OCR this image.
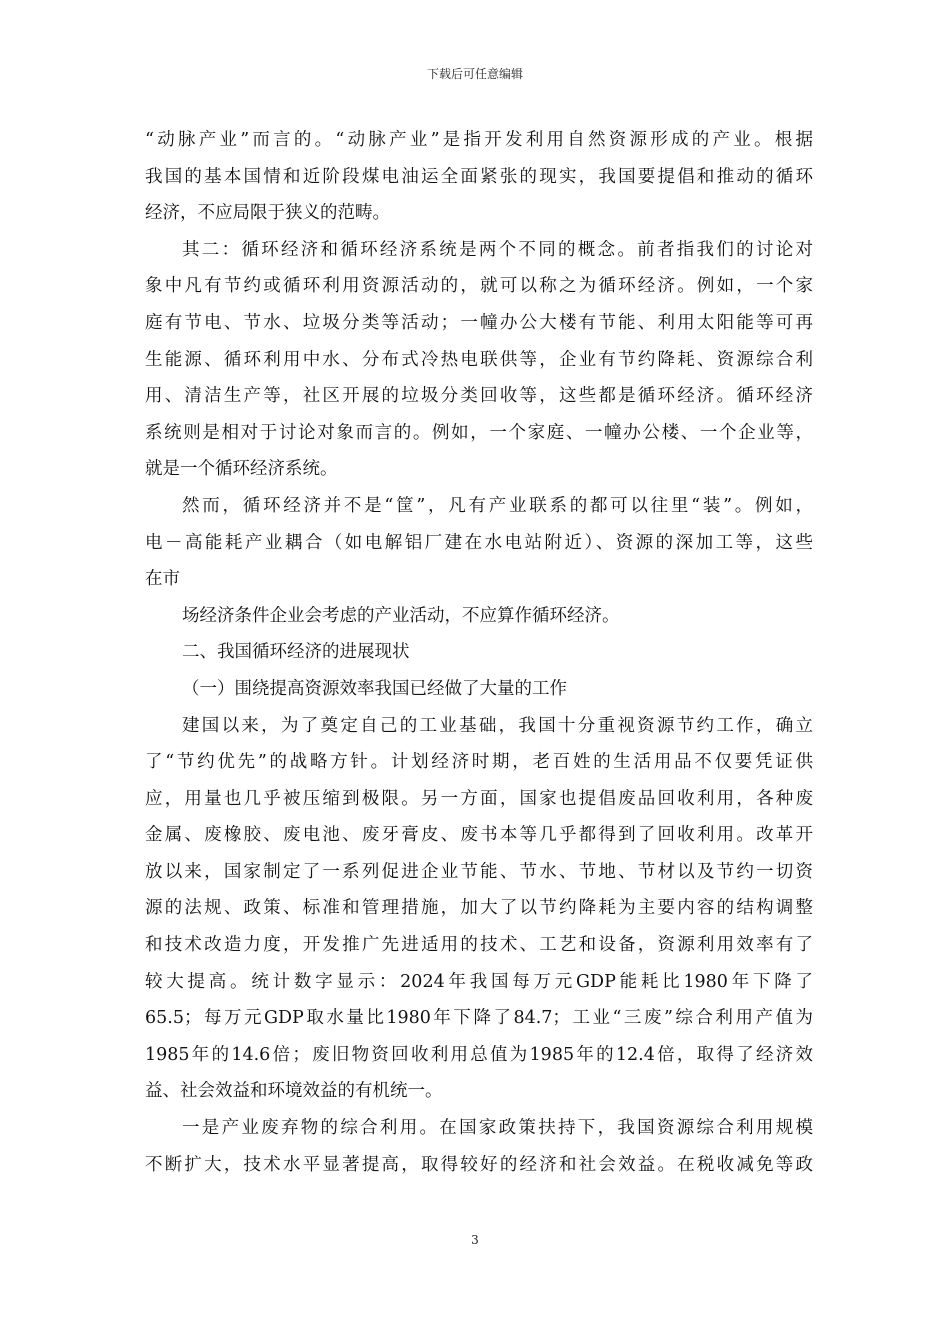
下载后可任意编辑
“动脉产业”而言的。“动脉产业”是指开发利用自然资源形成的产业。根据
我国的基本国情和近阶段煤电油运全面紧张的现实，我国要提倡和推动的循环
经济，不应局限于狭义的范畴。
其二：循环经济和循环经济系统是两个不同的概念。前者指我们的讨论对
象中凡有节约或循环利用资源活动的，就可以称之为循环经济。例如，一个家
庭有节电、节水、垃圾分类等活动；一幢办公大楼有节能、利用太阳能等可再
生能源、循环利用中水、分布式冷热电联供等，企业有节约降耗、资源综合利
用、清洁生产等，社区开展的垃圾分类回收等，这些都是循环经济。循环经济
系统则是相对于讨论对象而言的。例如，一个家庭、一幢办公楼、一个企业等，
就是一个循环经济系统。
然而，循环经济并不是“筐”，凡有产业联系的都可以往里“装”。例如，
电－高能耗产业耦合（如电解铝厂建在水电站附近）、资源的深加工等，这些
在市
场经济条件企业会考虑的产业活动，不应算作循环经济。
二、我国循环经济的进展现状
（一）围绕提高资源效率我国已经做了大量的工作
建国以来，为了奠定自己的工业基础，我国十分重视资源节约工作，确立
了“节约优先”的战略方针。计划经济时期，老百姓的生活用品不仅要凭证供
应，用量也几乎被压缩到极限。另一方面，国家也提倡废品回收利用，各种废
金属、废橡胶、废电池、废牙膏皮、废书本等几乎都得到了回收利用。改革开
放以来，国家制定了一系列促进企业节能、节水、节地、节材以及节约一切资
源的法规、政策、标准和管理措施，加大了以节约降耗为主要内容的结构调整
和技术改造力度，开发推广先进适用的技术、工艺和设备，资源利用效率有了
较大提高。统计数字显示：2024年我国每万元GDP能耗比1980年下降了
65.5；每万元GDP取水量比1980年下降了84.7；工业“三废”综合利用产值为
1985年的14.6倍；废旧物资回收利用总值为1985年的12.4倍，取得了经济效
益、社会效益和环境效益的有机统一。
一是产业废弃物的综合利用。在国家政策扶持下，我国资源综合利用规模
不断扩大，技术水平显著提高，取得较好的经济和社会效益。在税收减免等政
3
